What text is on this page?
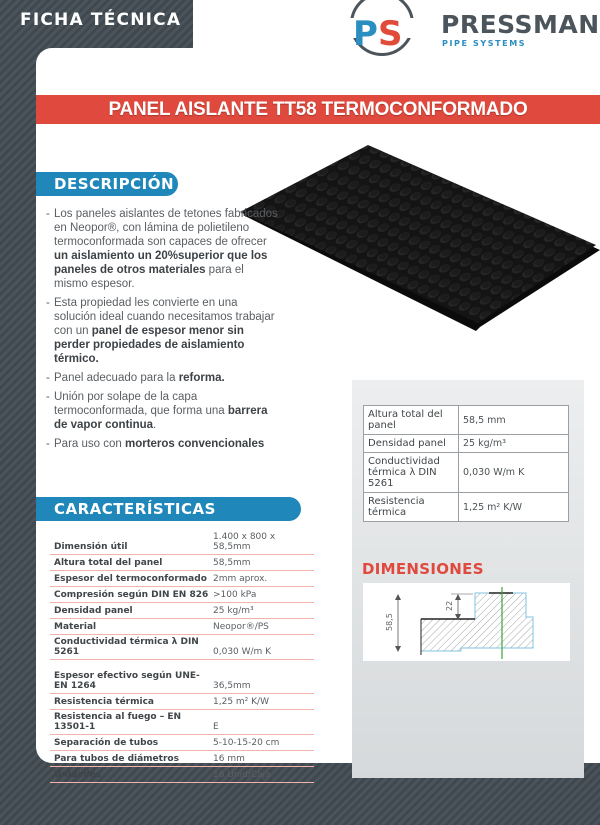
FICHA TÉCNICA	P S PRESSMAN
PIPE SYSTEMS
PANEL AISLANTE TT58 TERMOCONFORMADO
DESCRIPCIÓN
- Los paneles aislantes de tetones fabricados en Neopor®, con lámina de polietileno termoconformada son capaces de ofrecer un aislamiento un 20%superior que los paneles de otros materiales para el mismo espesor.
- Esta propiedad les convierte en una solución ideal cuando necesitamos trabajar con un panel de espesor menor sin perder propiedades de aislamiento térmico.
- Panel adecuado para la reforma.
- Unión por solape de la capa termoconformada, que forma una barrera de vapor continua.
- Para uso con morteros convencionales
Altura total del panel	58,5 mm
Densidad panel	25 kg/m³
Conductividad térmica λ DIN 5261	0,030 W/m K
Resistencia térmica	1,25 m² K/W
DIMENSIONES
58,5
22
CARACTERÍSTICAS TÉCNICAS
Dimensión útil	1.400 x 800 x 58,5mm
Altura total del panel	58,5mm
Espesor del termoconformado	2mm aprox.
Compresión según DIN EN 826	>100 kPa
Densidad panel	25 kg/m³
Material	Neopor®/PS
Conductividad térmica λ DIN 5261	0,030 W/m K
Espesor efectivo según UNE-EN 1264	36,5mm
Resistencia térmica	1,25 m² K/W
Resistencia al fuego – EN 13501-1	E
Separación de tubos	5-10-15-20 cm
Para tubos de diámetros	16 mm
Unidades	16 Unid/Caja
